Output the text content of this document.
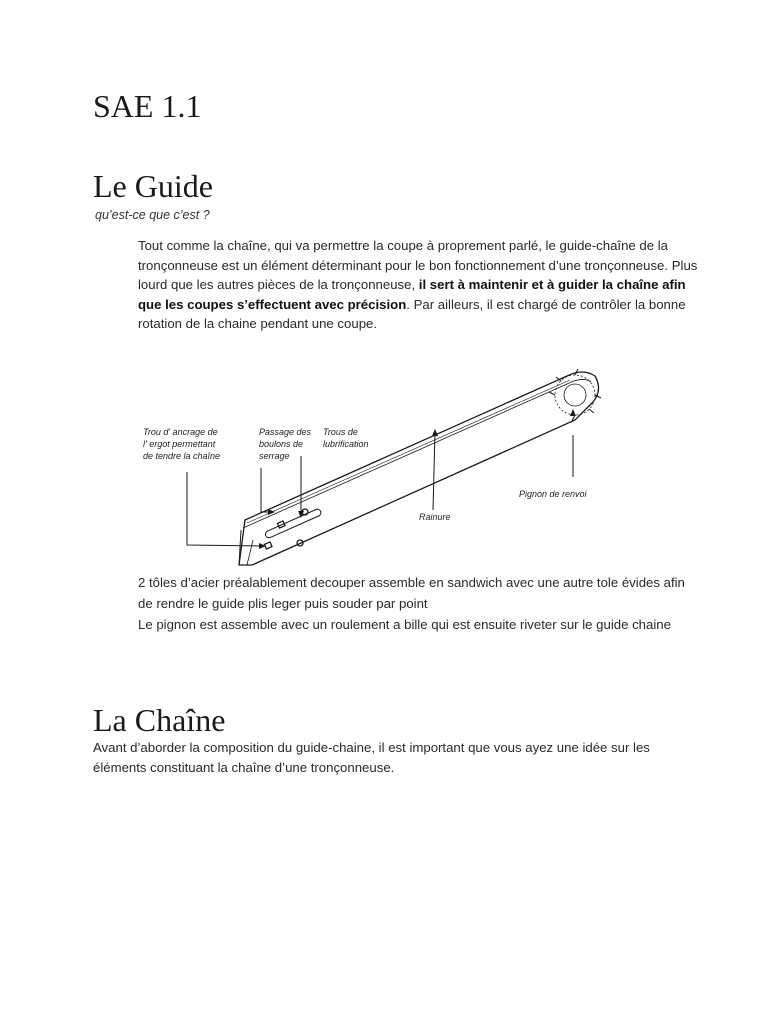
SAE 1.1
Le Guide
qu’est-ce que c’est ?
Tout comme la chaîne, qui va permettre la coupe à proprement parlé, le guide-chaîne de la tronçonneuse est un élément déterminant pour le bon fonctionnement d’une tronçonneuse. Plus lourd que les autres pièces de la tronçonneuse, il sert à maintenir et à guider la chaîne afin que les coupes s’effectuent avec précision. Par ailleurs, il est chargé de contrôler la bonne rotation de la chaine pendant une coupe.
Trou d' ancrage de
l' ergot permettant
de tendre la chaîne
Passage des
boulons de
serrage
Trous de
lubrification
Rainure
Pignon de renvoi

2 tôles d’acier préalablement decouper assemble en sandwich avec une autre tole évides afin de rendre le guide plis leger puis souder par point

Le pignon est assemble avec un roulement a bille qui est ensuite riveter sur le guide chaine

La Chaîne
Avant d’aborder la composition du guide-chaine, il est important que vous ayez une idée sur les éléments constituant la chaîne d’une tronçonneuse.
